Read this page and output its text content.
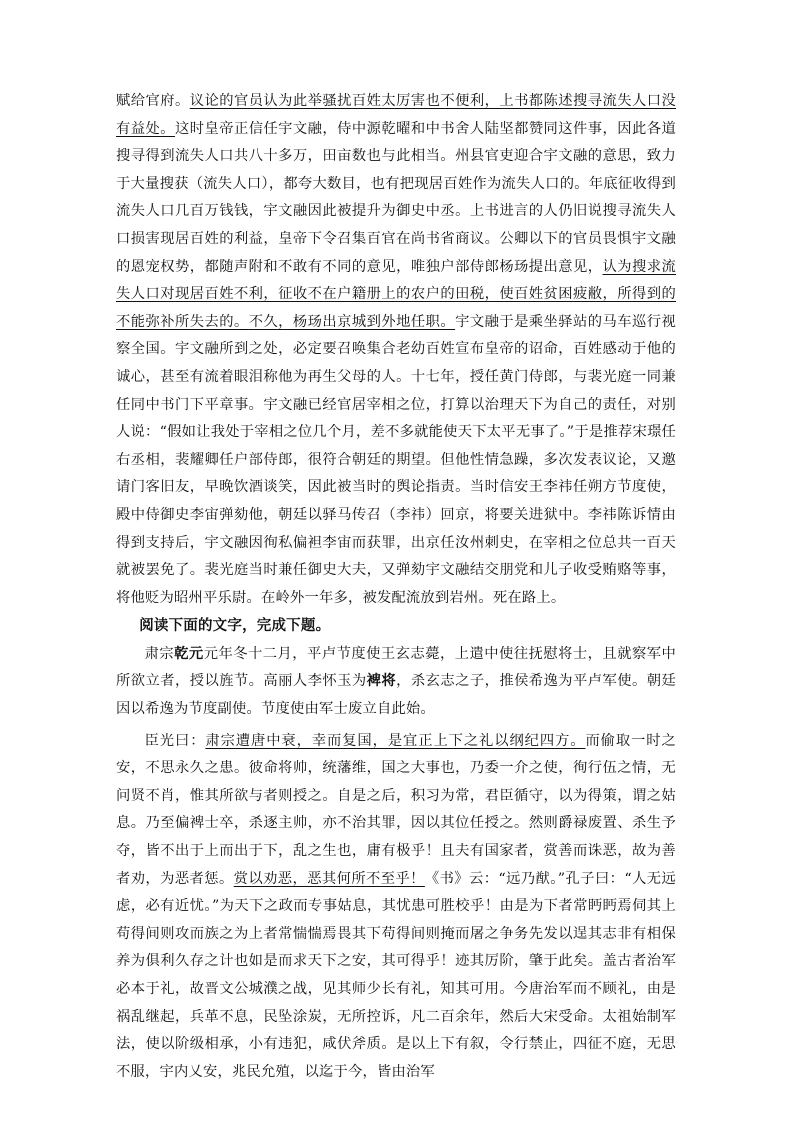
赋给官府。议论的官员认为此举骚扰百姓太厉害也不便利，上书都陈述搜寻流失人口没有益处。这时皇帝正信任宇文融，侍中源乾曜和中书舍人陆坚都赞同这件事，因此各道搜寻得到流失人口共八十多万，田亩数也与此相当。州县官吏迎合宇文融的意思，致力于大量搜获（流失人口），都夸大数目，也有把现居百姓作为流失人口的。年底征收得到流失人口几百万钱钱，宇文融因此被提升为御史中丞。上书进言的人仍旧说搜寻流失人口损害现居百姓的利益，皇帝下令召集百官在尚书省商议。公卿以下的官员畏惧宇文融的恩宠权势，都随声附和不敢有不同的意见，唯独户部侍郎杨玚提出意见，认为搜求流失人口对现居百姓不利，征收不在户籍册上的农户的田税，使百姓贫困疲敝，所得到的不能弥补所失去的。不久，杨玚出京城到外地任职。宇文融于是乘坐驿站的马车巡行视察全国。宇文融所到之处，必定要召唤集合老幼百姓宣布皇帝的诏命，百姓感动于他的诚心，甚至有流着眼泪称他为再生父母的人。十七年，授任黄门侍郎，与裴光庭一同兼任同中书门下平章事。宇文融已经官居宰相之位，打算以治理天下为自己的责任，对别人说：“假如让我处于宰相之位几个月，差不多就能使天下太平无事了。”于是推荐宋璟任右丞相，裴耀卿任户部侍郎，很符合朝廷的期望。但他性情急躁，多次发表议论，又邀请门客旧友，早晚饮酒谈笑，因此被当时的舆论指责。当时信安王李祎任朔方节度使，殿中侍御史李宙弹劾他，朝廷以驿马传召（李祎）回京，将要关进狱中。李祎陈诉情由得到支持后，宇文融因徇私偏袒李宙而获罪，出京任汝州刺史，在宰相之位总共一百天就被罢免了。裴光庭当时兼任御史大夫，又弹劾宇文融结交朋党和儿子收受贿赂等事，将他贬为昭州平乐尉。在岭外一年多，被发配流放到岩州。死在路上。

阅读下面的文字，完成下题。

肃宗乾元元年冬十二月，平卢节度使王玄志薨，上遣中使往抚慰将士，且就察军中所欲立者，授以旌节。高丽人李怀玉为裨将，杀玄志之子，推侯希逸为平卢军使。朝廷因以希逸为节度副使。节度使由军士废立自此始。

臣光曰：肃宗遭唐中衰，幸而复国，是宜正上下之礼以纲纪四方。而偷取一时之安，不思永久之患。彼命将帅，统藩维，国之大事也，乃委一介之使，徇行伍之情，无问贤不肖，惟其所欲与者则授之。自是之后，积习为常，君臣循守，以为得策，谓之姑息。乃至偏裨士卒，杀逐主帅，亦不治其罪，因以其位任授之。然则爵禄废置、杀生予夺，皆不出于上而出于下，乱之生也，庸有极乎！且夫有国家者，赏善而诛恶，故为善者劝，为恶者惩。赏以劝恶，恶其何所不至乎！《书》云：“远乃猷。”孔子曰：“人无远虑，必有近忧。”为天下之政而专事姑息，其忧患可胜校乎！由是为下者常眄眄焉伺其上苟得间则攻而族之为上者常惴惴焉畏其下苟得间则掩而屠之争务先发以逞其志非有相保养为俱利久存之计也如是而求天下之安，其可得乎！迹其厉阶，肇于此矣。盖古者治军必本于礼，故晋文公城濮之战，见其师少长有礼，知其可用。今唐治军而不顾礼，由是祸乱继起，兵革不息，民坠涂炭，无所控诉，凡二百余年，然后大宋受命。太祖始制军法，使以阶级相承，小有违犯，咸伏斧质。是以上下有叙，令行禁止，四征不庭，无思不服，宇内乂安，兆民允殖，以迄于今，皆由治军
